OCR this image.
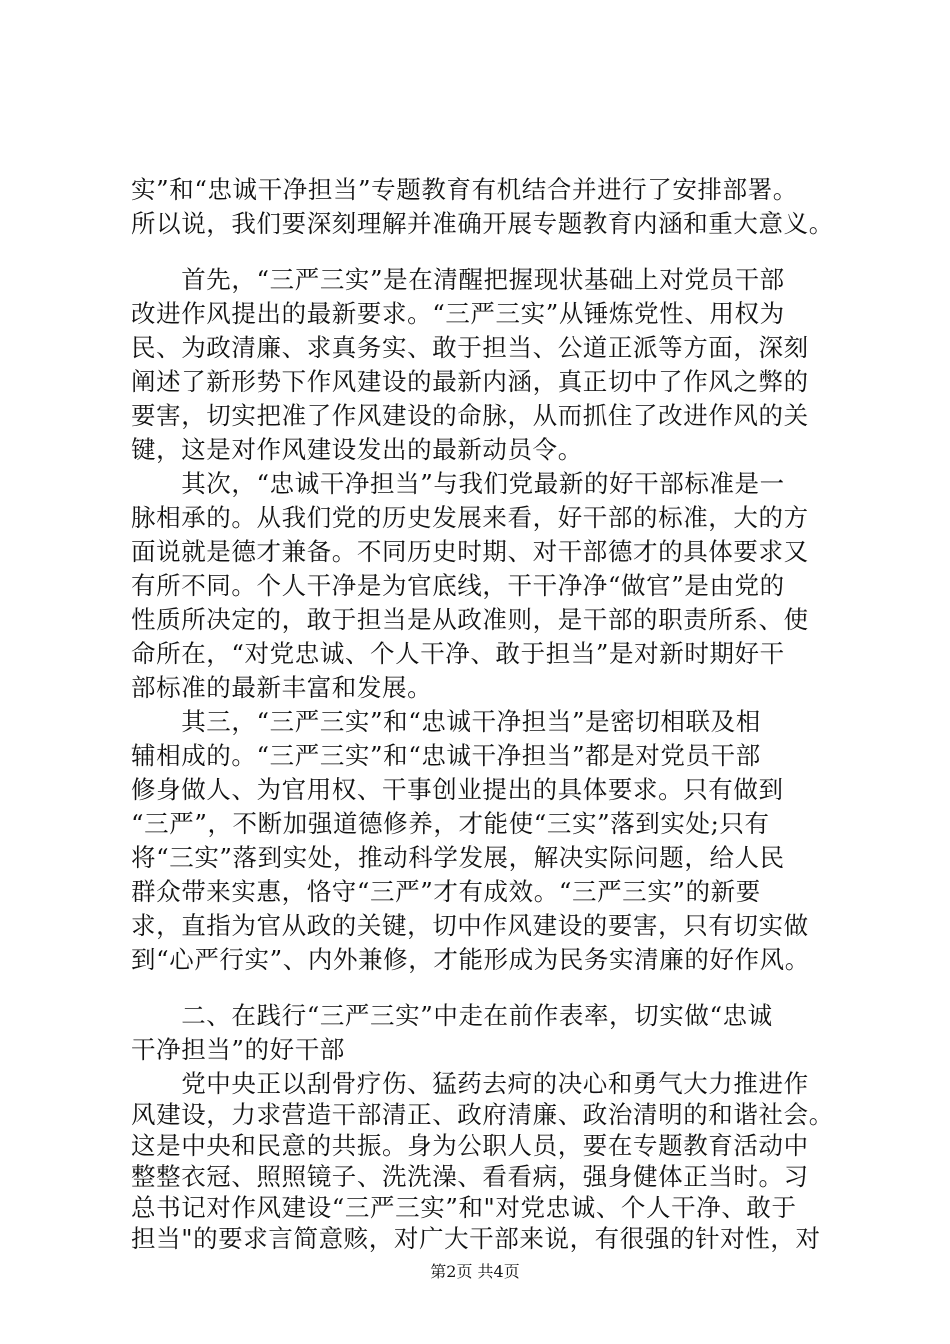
实”和“忠诚干净担当”专题教育有机结合并进行了安排部署。
所以说，我们要深刻理解并准确开展专题教育内涵和重大意义。
　　首先，“三严三实”是在清醒把握现状基础上对党员干部
改进作风提出的最新要求。“三严三实”从锤炼党性、用权为
民、为政清廉、求真务实、敢于担当、公道正派等方面，深刻
阐述了新形势下作风建设的最新内涵，真正切中了作风之弊的
要害，切实把准了作风建设的命脉，从而抓住了改进作风的关
键，这是对作风建设发出的最新动员令。
　　其次，“忠诚干净担当”与我们党最新的好干部标准是一
脉相承的。从我们党的历史发展来看，好干部的标准，大的方
面说就是德才兼备。不同历史时期、对干部德才的具体要求又
有所不同。个人干净是为官底线，干干净净“做官”是由党的
性质所决定的，敢于担当是从政准则，是干部的职责所系、使
命所在，“对党忠诚、个人干净、敢于担当”是对新时期好干
部标准的最新丰富和发展。
　　其三，“三严三实”和“忠诚干净担当”是密切相联及相
辅相成的。“三严三实”和“忠诚干净担当”都是对党员干部
修身做人、为官用权、干事创业提出的具体要求。只有做到
“三严”，不断加强道德修养，才能使“三实”落到实处;只有
将“三实”落到实处，推动科学发展，解决实际问题，给人民
群众带来实惠，恪守“三严”才有成效。“三严三实”的新要
求，直指为官从政的关键，切中作风建设的要害，只有切实做
到“心严行实”、内外兼修，才能形成为民务实清廉的好作风。
　　二、在践行“三严三实”中走在前作表率，切实做“忠诚
干净担当”的好干部
　　党中央正以刮骨疗伤、猛药去疴的决心和勇气大力推进作
风建设，力求营造干部清正、政府清廉、政治清明的和谐社会。
这是中央和民意的共振。身为公职人员，要在专题教育活动中
整整衣冠、照照镜子、洗洗澡、看看病，强身健体正当时。习
总书记对作风建设“三严三实”和"对党忠诚、个人干净、敢于
担当"的要求言简意赅，对广大干部来说，有很强的针对性，对
第2页 共4页
